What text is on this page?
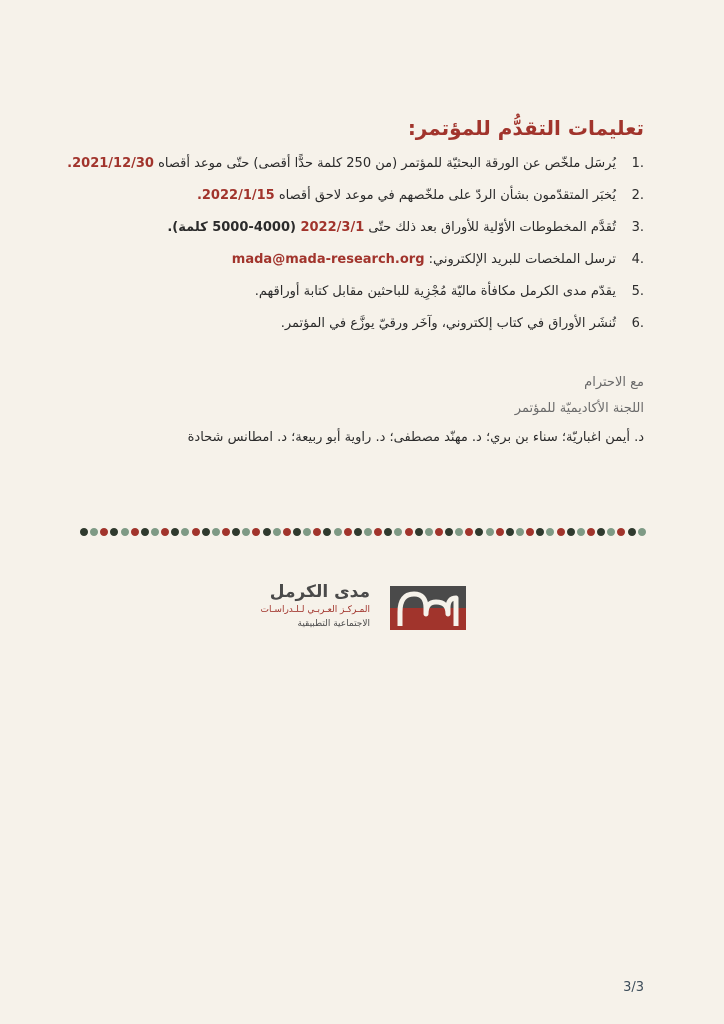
تعليمات التقدُّم للمؤتمر:
1.
يُرسَل ملخّص عن الورقة البحثيّة للمؤتمر (من 250 كلمة حدًّا أقصى) حتّى موعد أقصاه 2021/12/30.
2.
يُخبَر المتقدّمون بشأن الردّ على ملخّصهم في موعد لاحق أقصاه 2022/1/15.
3.
تُقدَّم المخطوطات الأوّلية للأوراق بعد ذلك حتّى 2022/3/1 (4000-5000 كلمة).
4.
ترسل الملخصات للبريد الإلكتروني: mada@mada-research.org
5.
يقدّم مدى الكرمل مكافأة ماليّة مُجْزِية للباحثين مقابل كتابة أوراقهم.
6.
تُنشَر الأوراق في كتاب إلكتروني، وآخَر ورقيّ يوزَّع في المؤتمر.
مع الاحترام
اللجنة الأكاديميّة للمؤتمر
د. أيمن اغباريّة؛ سناء بن بري؛ د. مهنّد مصطفى؛ د. راوية أبو ربيعة؛ د. امطانس شحادة
مدى الكرمل
المـركـز العـربـي لـلـدراسـات
الاجتماعية التطبيقية
3/3
